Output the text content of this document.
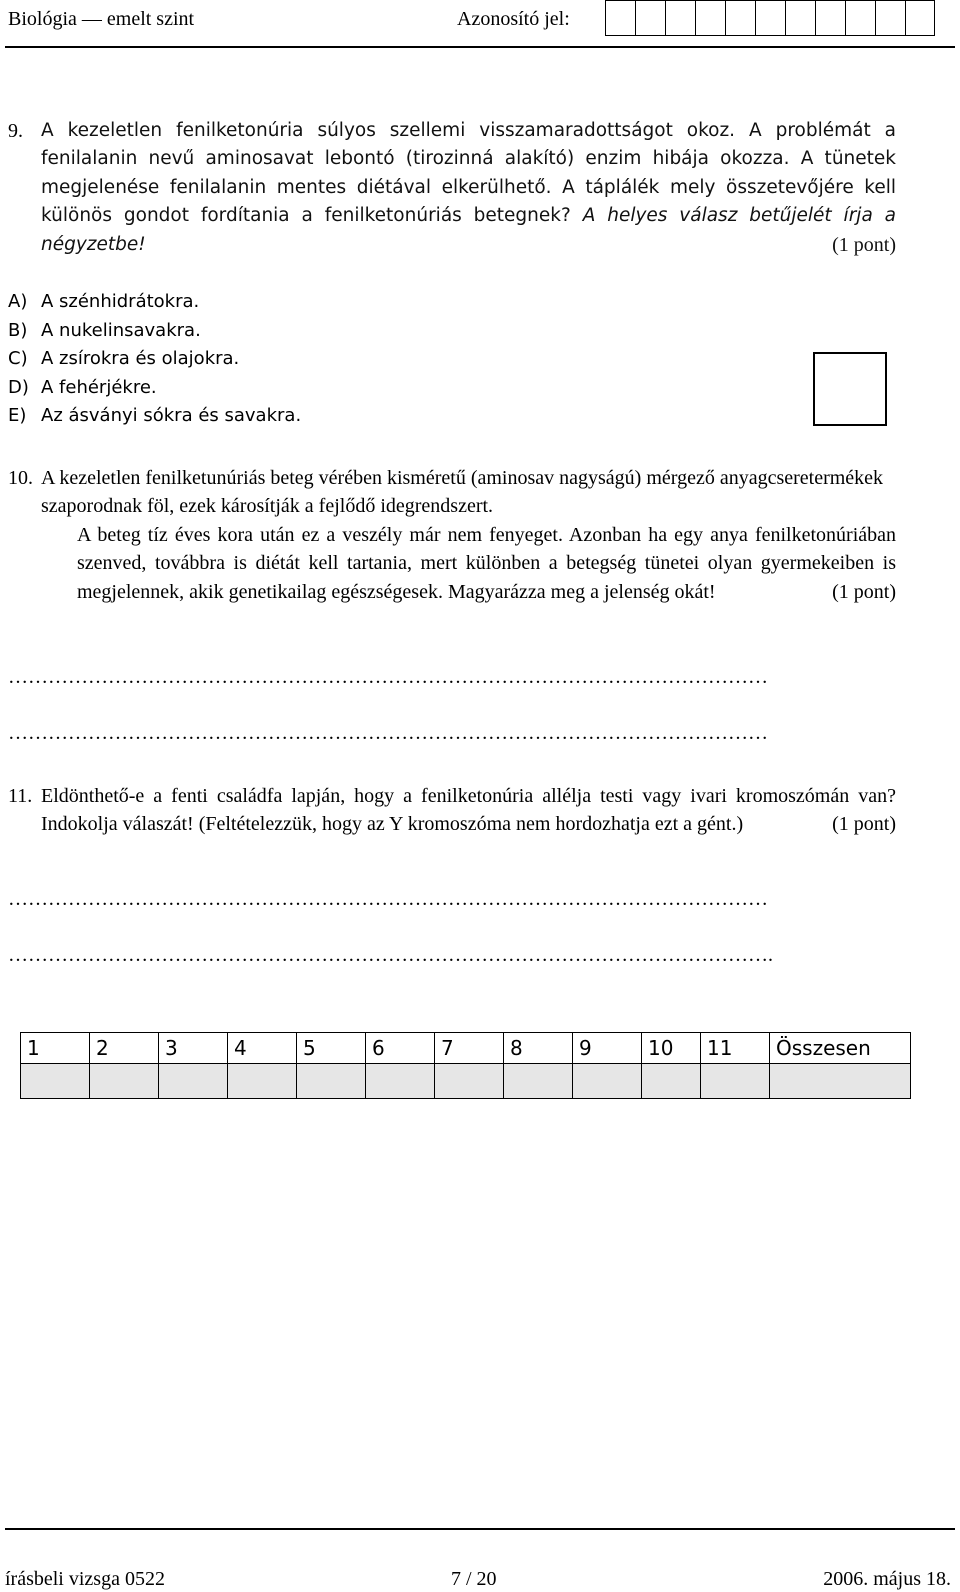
Biológia — emelt szint	Azonosító jel:
9. A kezeletlen fenilketonúria súlyos szellemi visszamaradottságot okoz. A problémát a fenilalanin nevű aminosavat lebontó (tirozinná alakító) enzim hibája okozza. A tünetek megjelenése fenilalanin mentes diétával elkerülhető. A táplálék mely összetevőjére kell különös gondot fordítania a fenilketonúriás betegnek? A helyes válasz betűjelét írja a négyzetbe!	(1 pont)
A) A szénhidrátokra.
B) A nukelinsavakra.
C) A zsírokra és olajokra.
D) A fehérjékre.
E) Az ásványi sókra és savakra.
10. A kezeletlen fenilketunúriás beteg vérében kisméretű (aminosav nagyságú) mérgező anyagcseretermékek szaporodnak föl, ezek károsítják a fejlődő idegrendszert.

A beteg tíz éves kora után ez a veszély már nem fenyeget. Azonban ha egy anya fenilketonúriában szenved, továbbra is diétát kell tartania, mert különben a betegség tünetei olyan gyermekeiben is megjelennek, akik genetikailag egészségesek. Magyarázza meg a jelenség okát!	(1 pont)

……………………………………………………………………………………………………
……………………………………………………………………………………………………
11. Eldönthető-e a fenti családfa lapján, hogy a fenilketonúria allélja testi vagy ivari kromoszómán van? Indokolja válaszát! (Feltételezzük, hogy az Y kromoszóma nem hordozhatja ezt a gént.)	(1 pont)
……………………………………………………………………………………………………
…………………………………………………………………………………………………….
1	2	3	4	5	6	7	8	9	10	11	Összesen

írásbeli vizsga 0522	7 / 20	2006. május 18.
